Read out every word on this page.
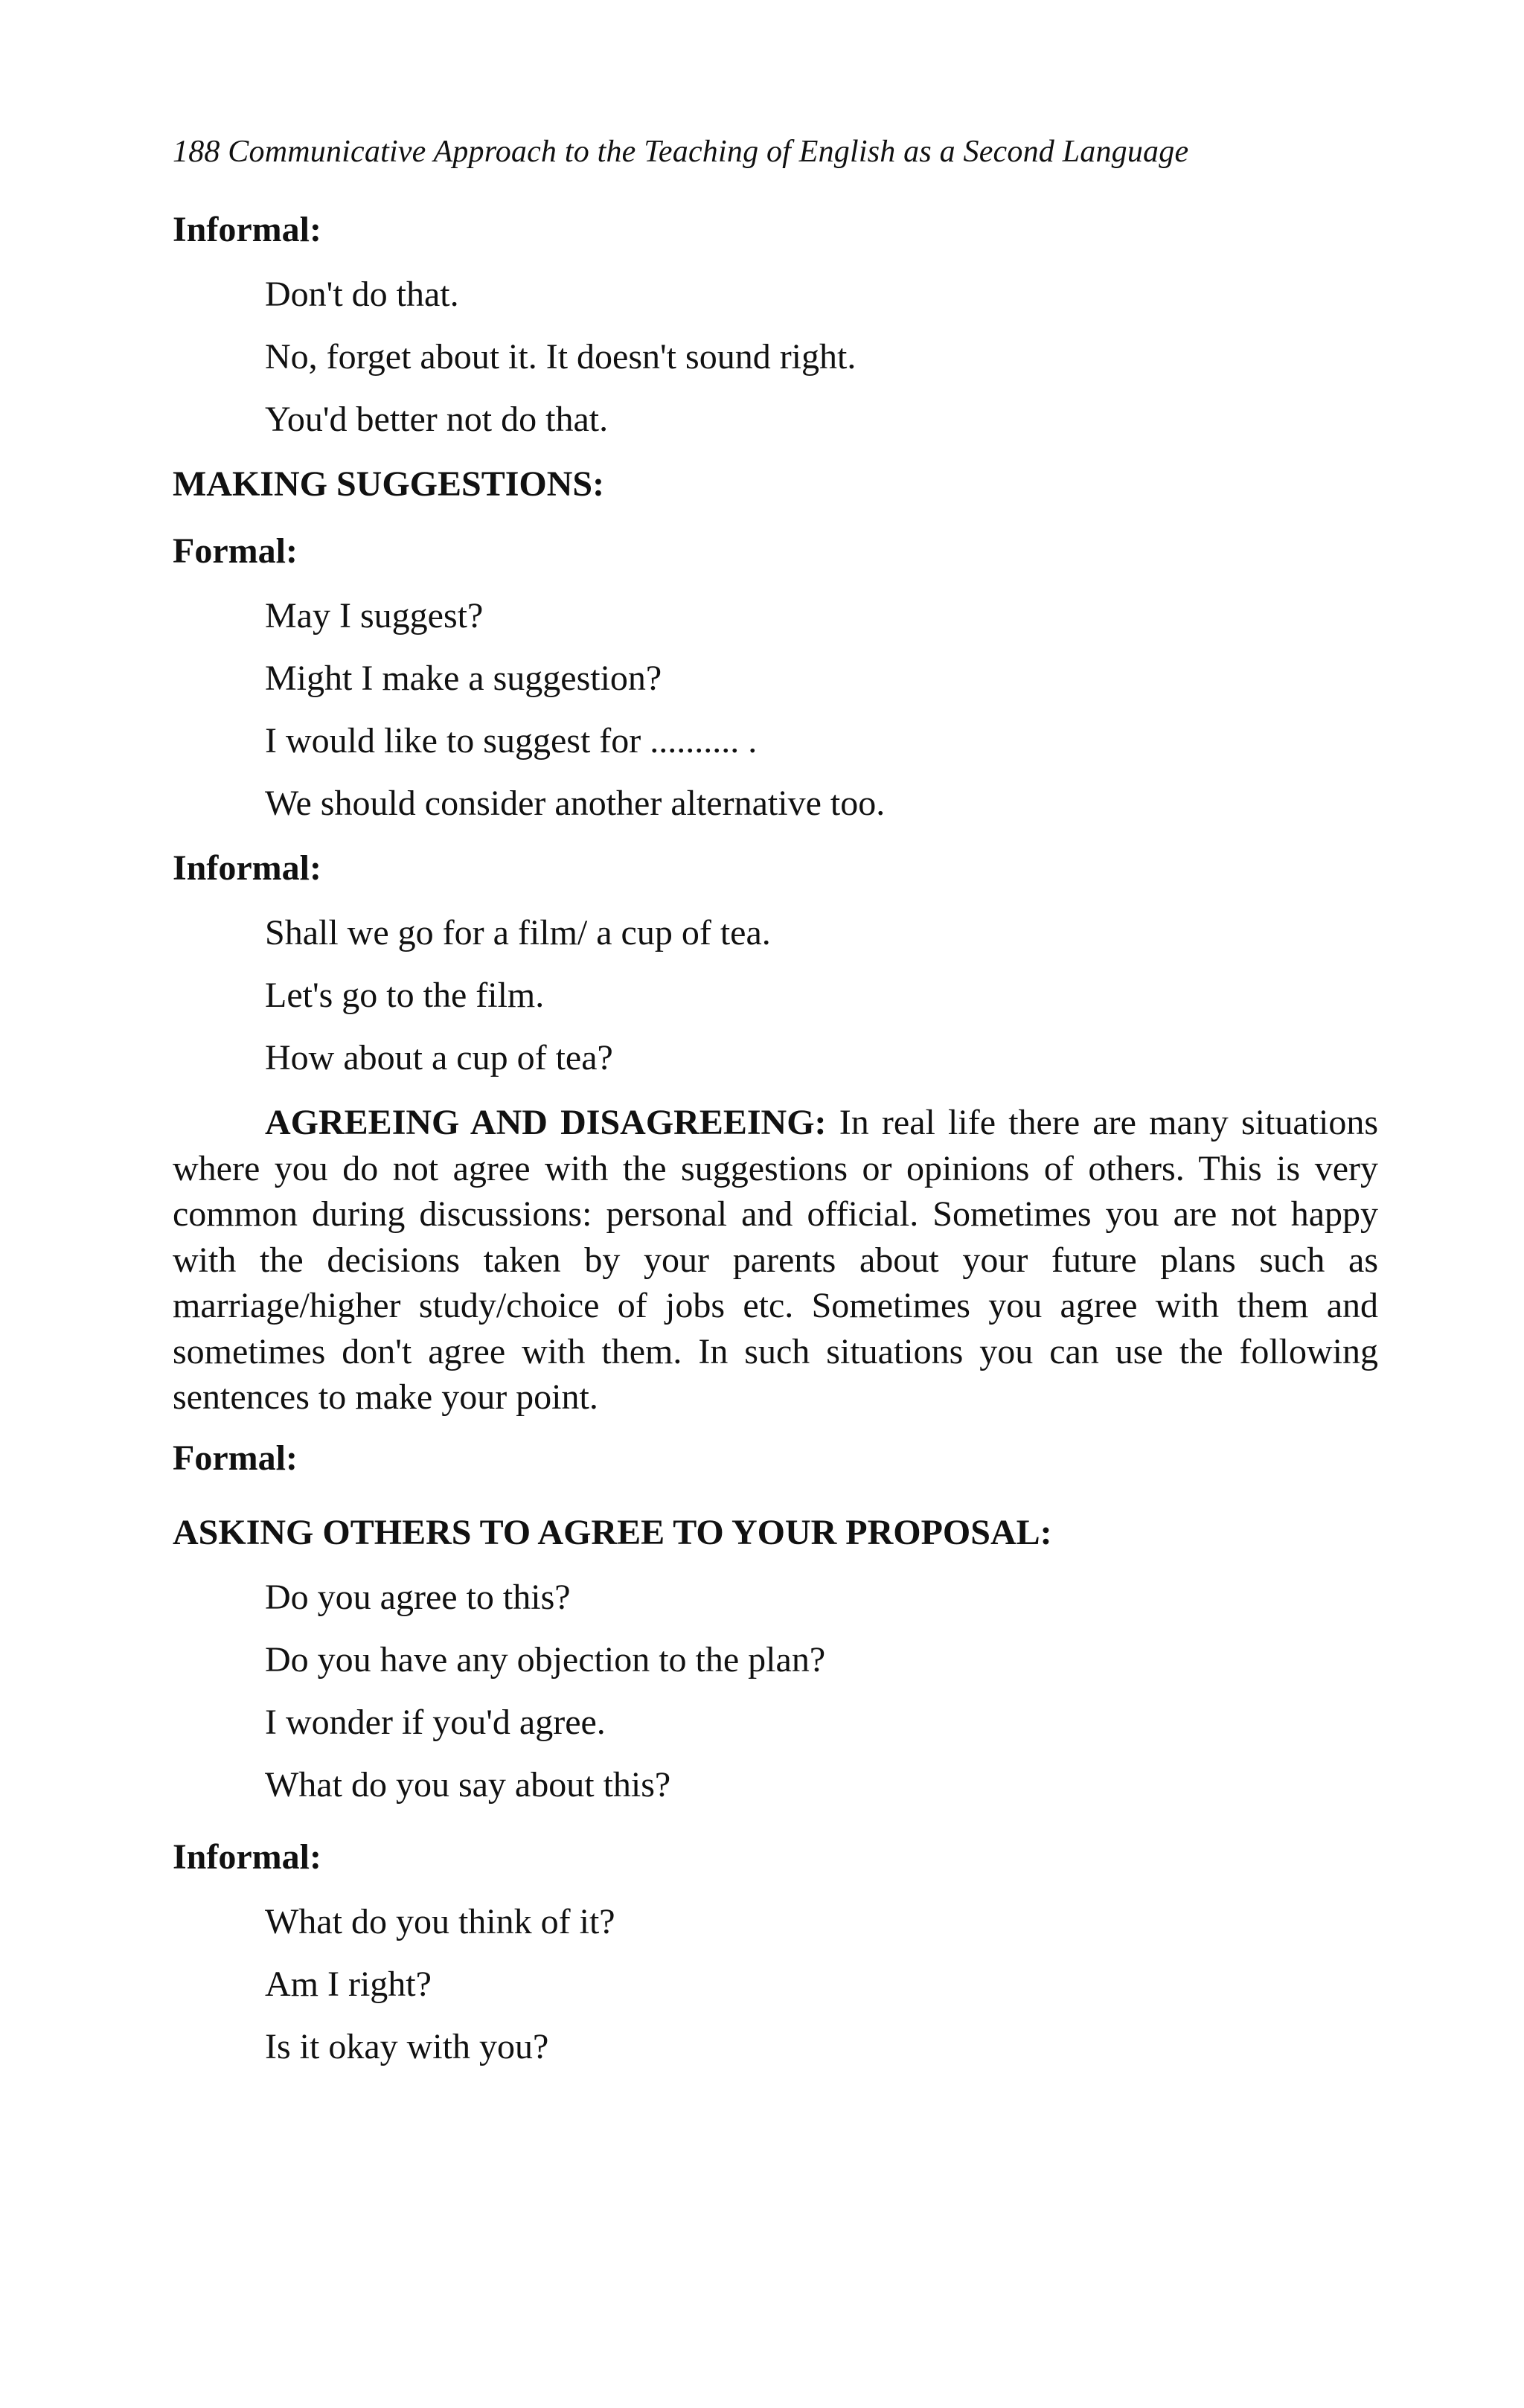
188 Communicative Approach to the Teaching of English as a Second Language

Informal:

Don't do that.

No, forget about it. It doesn't sound right.

You'd better not do that.

MAKING SUGGESTIONS:

Formal:

May I suggest?

Might I make a suggestion?

I would like to suggest for .......... .

We should consider another alternative too.

Informal:

Shall we go for a film/ a cup of tea.

Let's go to the film.

How about a cup of tea?

AGREEING AND DISAGREEING: In real life there are many situations where you do not agree with the suggestions or opinions of others. This is very common during discussions: personal and official. Sometimes you are not happy with the decisions taken by your parents about your future plans such as marriage/higher study/choice of jobs etc. Sometimes you agree with them and sometimes don't agree with them. In such situations you can use the following sentences to make your point.

Formal:

ASKING OTHERS TO AGREE TO YOUR PROPOSAL:

Do you agree to this?

Do you have any objection to the plan?

I wonder if you'd agree.

What do you say about this?

Informal:

What do you think of it?

Am I right?

Is it okay with you?
